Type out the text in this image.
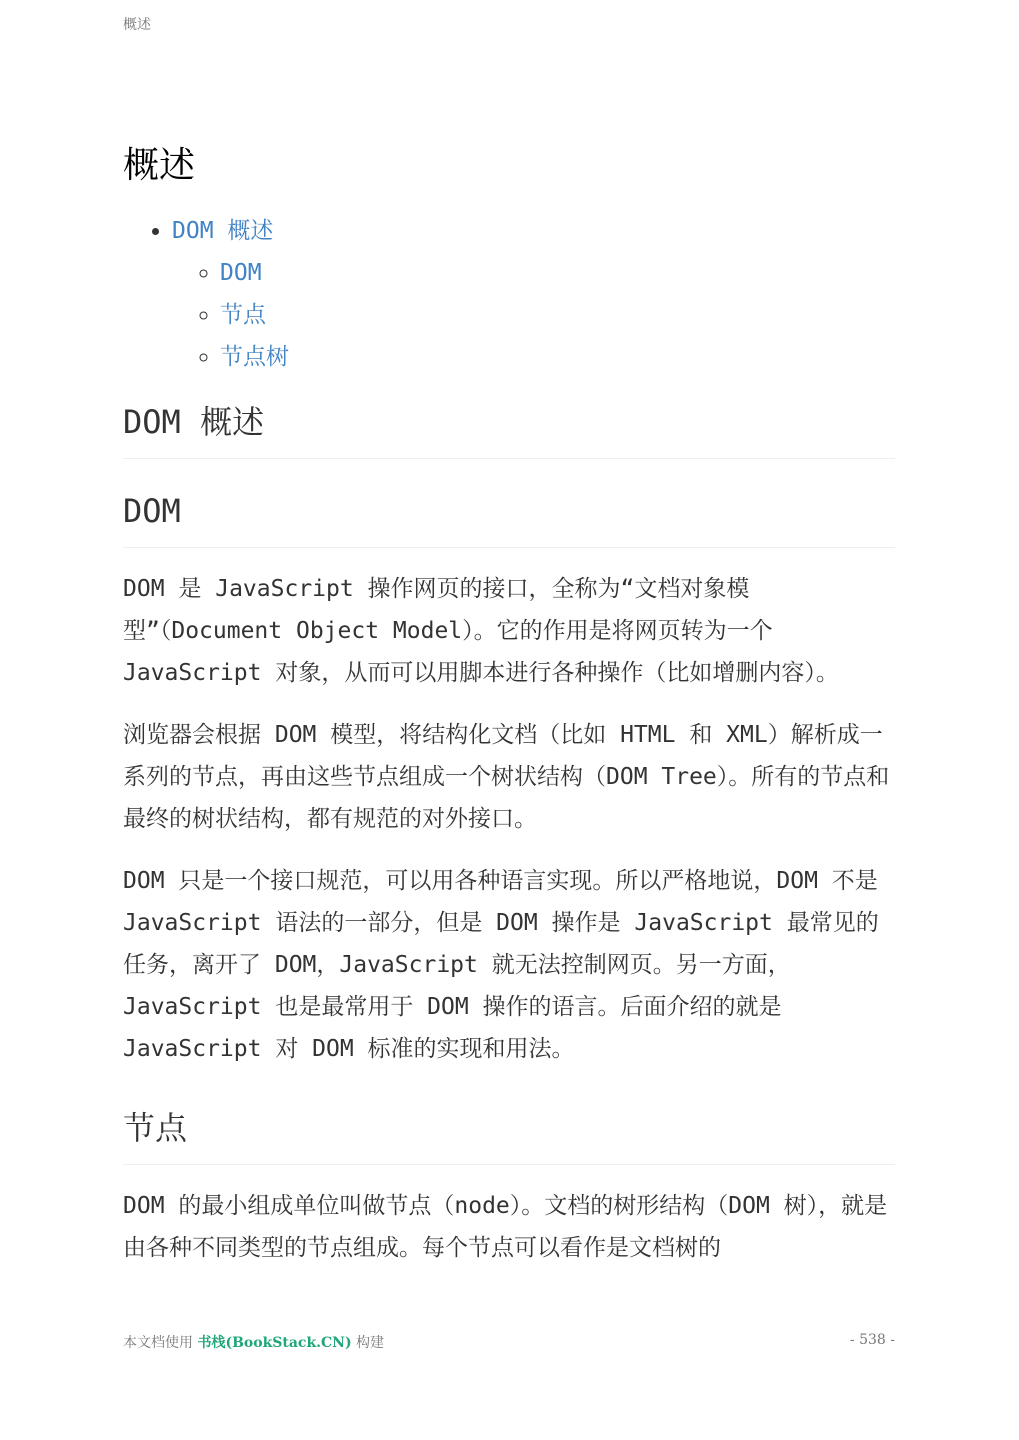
概述
概述
• DOM 概述
◦ DOM
◦ 节点
◦ 节点树
DOM 概述
DOM

DOM 是 JavaScript 操作网页的接口，全称为“文档对象模型”（Document Object Model）。它的作用是将网页转为一个 JavaScript 对象，从而可以用脚本进行各种操作（比如增删内容）。

浏览器会根据 DOM 模型，将结构化文档（比如 HTML 和 XML）解析成一系列的节点，再由这些节点组成一个树状结构（DOM Tree）。所有的节点和最终的树状结构，都有规范的对外接口。

DOM 只是一个接口规范，可以用各种语言实现。所以严格地说，DOM 不是 JavaScript 语法的一部分，但是 DOM 操作是 JavaScript 最常见的任务，离开了 DOM，JavaScript 就无法控制网页。另一方面，JavaScript 也是最常用于 DOM 操作的语言。后面介绍的就是 JavaScript 对 DOM 标准的实现和用法。

节点

DOM 的最小组成单位叫做节点（node）。文档的树形结构（DOM 树），就是由各种不同类型的节点组成。每个节点可以看作是文档树的

本文档使用 书栈(BookStack.CN) 构建	- 538 -
